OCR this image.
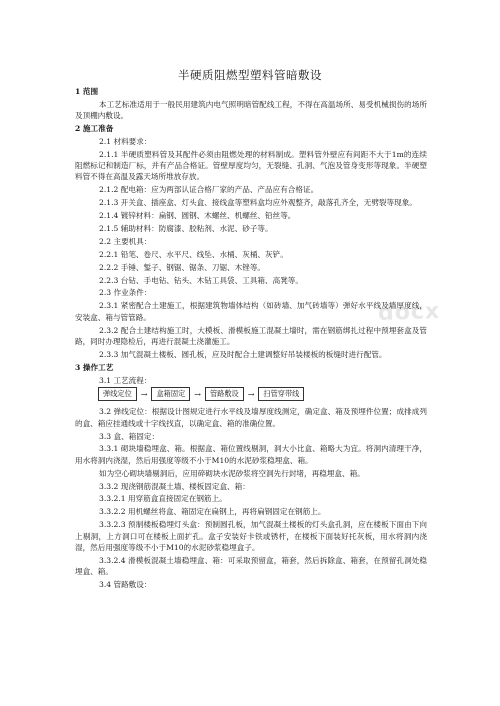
半硬质阻燃型塑料管暗敷设

1 范围

本工艺标准适用于一般民用建筑内电气照明暗管配线工程，不得在高温场所、易受机械损伤的场所及顶棚内敷设。

2 施工准备

2.1 材料要求：

2.1.1 半硬质塑料管及其配件必须由阻燃处理的材料制成。塑料管外壁应有间距不大于1m的连续阻燃标记和制造厂标，并有产品合格证。管壁厚度均匀，无裂缝、孔洞、气泡及管身变形等现象。半硬塑料管不得在高温及露天场所堆放存放。

2.1.2 配电箱：应为两部认证合格厂家的产品、产品应有合格证。

2.1.3 开关盒、插座盒、灯头盒、接线盒等塑料盒均应外观整齐，敲落孔齐全，无劈裂等现象。

2.1.4 镀锌材料：扁钢、圆钢、木螺丝、机螺丝、铅丝等。

2.1.5 辅助材料：防腐漆、胶粘剂、水泥、砂子等。

2.2 主要机具：

2.2.1 铅笔、卷尺、水平尺、线坠、水桶、灰桶、灰铲。

2.2.2 手锤、錾子、钢锯、锯条、刀锯、木锉等。

2.2.3 台钻、手电钻、钻头、木钻工具袋、工具箱、高凳等。

2.3 作业条件：

2.3.1 紧密配合土建施工，根据建筑物墙体结构（如砖墙、加气砖墙等）弹好水平线及墙厚度线，安装盒、箱与管管路。

2.3.2 配合土建结构施工时，大模板、滑模板施工混凝土墙时，需在钢筋绑扎过程中预埋套盒及管路，同时办理隐检后，再进行混凝土浇灌施工。

2.3.3 加气混凝土楼板、圆孔板，应及时配合土建调整好吊装楼板的板缝时进行配管。

3 操作工艺

3.1 工艺流程：

弹线定位	→	盒箱固定	→	管路敷设	→	扫管穿带线

3.2 弹线定位：根据设计图规定进行水平线及墙厚度线测定，确定盒、箱及预埋件位置；成排成列的盒、箱应挂通线或十字线找直，以确定盒、箱的准确位置。

3.3 盒、箱固定：

3.3.1 砌块墙稳埋盒、箱。根据盒、箱位置线剔洞，洞大小比盒、箱略大为宜。将洞内清理干净，用水将洞内浇湿，然后用强度等级不小于M10的水泥砂浆稳埋盒、箱。

如为空心砌块墙剔洞后，应用碎砌块水泥砂浆将空洞先行封堵，再稳埋盒、箱。

3.3.2 现浇钢筋混凝土墙、楼板固定盒、箱：

3.3.2.1 用穿筋盒直接固定在钢筋上。

3.3.2.2 用机螺丝将盒、箱固定在扁钢上，再将扁钢固定在钢筋上。

3.3.2.3 预制楼板稳埋灯头盒：预制圆孔板，加气混凝土楼板的灯头盒孔洞，应在楼板下面由下向上剔洞，上方洞口可在楼板上面扩孔。盒子安装好卡铁或锈杆，在楼板下面装好托灰板，用水将洞内浇湿，然后用强度等级不小于M10的水泥砂浆稳埋盒子。

3.3.2.4 滑模板混凝土墙稳埋盒、箱：可采取预留盒，箱套，然后拆除盒、箱套，在预留孔洞处稳埋盒、箱。

3.4 管路敷设：

docx
